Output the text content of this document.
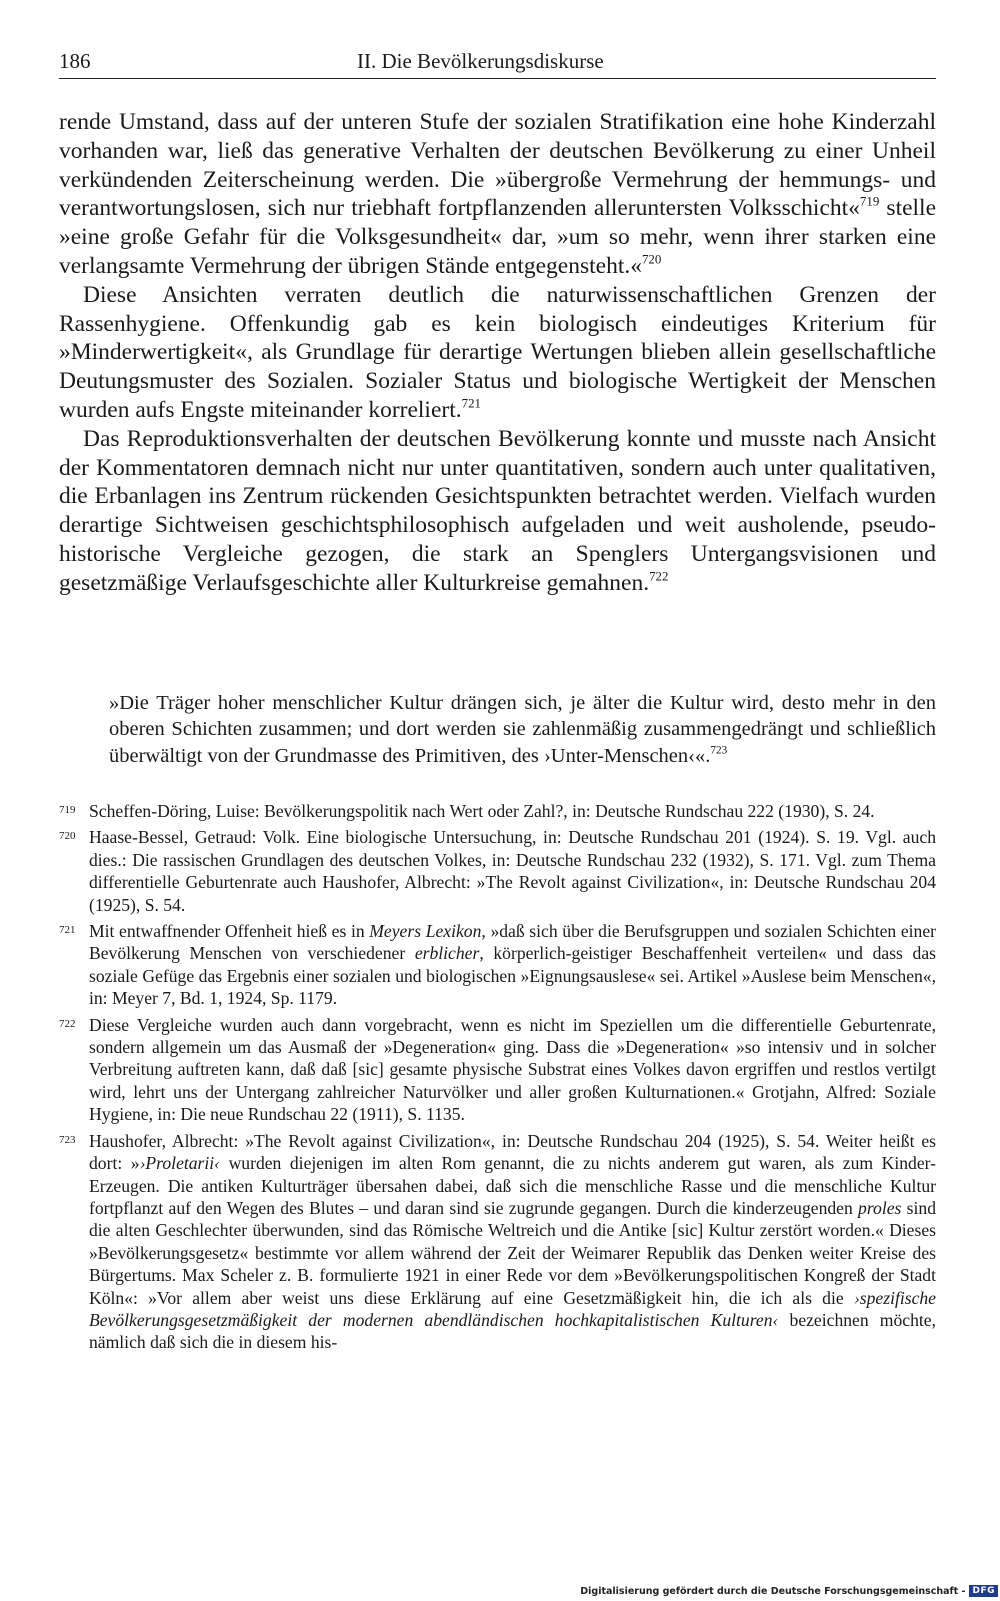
186	II. Die Bevölkerungsdiskurse

rende Umstand, dass auf der unteren Stufe der sozialen Stratifikation eine hohe Kinderzahl vorhanden war, ließ das generative Verhalten der deutschen Bevölkerung zu einer Unheil verkündenden Zeiterscheinung werden. Die »übergroße Vermehrung der hemmungs- und verantwortungslosen, sich nur triebhaft fortpflanzenden alleruntersten Volksschicht«$^{719}$ stelle »eine große Gefahr für die Volksgesundheit« dar, »um so mehr, wenn ihrer starken eine verlangsamte Vermehrung der übrigen Stände entgegensteht.«$^{720}$

Diese Ansichten verraten deutlich die naturwissenschaftlichen Grenzen der Rassenhygiene. Offenkundig gab es kein biologisch eindeutiges Kriterium für »Minderwertigkeit«, als Grundlage für derartige Wertungen blieben allein gesellschaftliche Deutungsmuster des Sozialen. Sozialer Status und biologische Wertigkeit der Menschen wurden aufs Engste miteinander korreliert.$^{721}$

Das Reproduktionsverhalten der deutschen Bevölkerung konnte und musste nach Ansicht der Kommentatoren demnach nicht nur unter quantitativen, sondern auch unter qualitativen, die Erbanlagen ins Zentrum rückenden Gesichtspunkten betrachtet werden. Vielfach wurden derartige Sichtweisen geschichtsphilosophisch aufgeladen und weit ausholende, pseudo-historische Vergleiche gezogen, die stark an Spenglers Untergangsvisionen und gesetzmäßige Verlaufsgeschichte aller Kulturkreise gemahnen.$^{722}$

»Die Träger hoher menschlicher Kultur drängen sich, je älter die Kultur wird, desto mehr in den oberen Schichten zusammen; und dort werden sie zahlenmäßig zusammengedrängt und schließlich überwältigt von der Grundmasse des Primitiven, des ›Unter-Menschen‹«.$^{723}$

719 Scheffen-Döring, Luise: Bevölkerungspolitik nach Wert oder Zahl?, in: Deutsche Rundschau 222 (1930), S. 24.
720 Haase-Bessel, Getraud: Volk. Eine biologische Untersuchung, in: Deutsche Rundschau 201 (1924). S. 19. Vgl. auch dies.: Die rassischen Grundlagen des deutschen Volkes, in: Deutsche Rundschau 232 (1932), S. 171. Vgl. zum Thema differentielle Geburtenrate auch Haushofer, Albrecht: »The Revolt against Civilization«, in: Deutsche Rundschau 204 (1925), S. 54.
721 Mit entwaffnender Offenheit hieß es in Meyers Lexikon, »daß sich über die Berufsgruppen und sozialen Schichten einer Bevölkerung Menschen von verschiedener erblicher, körperlich-geistiger Beschaffenheit verteilen« und dass das soziale Gefüge das Ergebnis einer sozialen und biologischen »Eignungsauslese« sei. Artikel »Auslese beim Menschen«, in: Meyer 7, Bd. 1, 1924, Sp. 1179.
722 Diese Vergleiche wurden auch dann vorgebracht, wenn es nicht im Speziellen um die differentielle Geburtenrate, sondern allgemein um das Ausmaß der »Degeneration« ging. Dass die »Degeneration« »so intensiv und in solcher Verbreitung auftreten kann, daß daß [sic] gesamte physische Substrat eines Volkes davon ergriffen und restlos vertilgt wird, lehrt uns der Untergang zahlreicher Naturvölker und aller großen Kulturnationen.« Grotjahn, Alfred: Soziale Hygiene, in: Die neue Rundschau 22 (1911), S. 1135.
723 Haushofer, Albrecht: »The Revolt against Civilization«, in: Deutsche Rundschau 204 (1925), S. 54. Weiter heißt es dort: »›Proletarii‹ wurden diejenigen im alten Rom genannt, die zu nichts anderem gut waren, als zum Kinder-Erzeugen. Die antiken Kulturträger übersahen dabei, daß sich die menschliche Rasse und die menschliche Kultur fortpflanzt auf den Wegen des Blutes – und daran sind sie zugrunde gegangen. Durch die kinderzeugenden proles sind die alten Geschlechter überwunden, sind das Römische Weltreich und die Antike [sic] Kultur zerstört worden.« Dieses »Bevölkerungsgesetz« bestimmte vor allem während der Zeit der Weimarer Republik das Denken weiter Kreise des Bürgertums. Max Scheler z. B. formulierte 1921 in einer Rede vor dem »Bevölkerungspolitischen Kongreß der Stadt Köln«: »Vor allem aber weist uns diese Erklärung auf eine Gesetzmäßigkeit hin, die ich als die ›spezifische Bevölkerungsgesetzmäßigkeit der modernen abendländischen hochkapitalistischen Kulturen‹ bezeichnen möchte, nämlich daß sich die in diesem his-
Digitalisierung gefördert durch die Deutsche Forschungsgemeinschaft - DFG
